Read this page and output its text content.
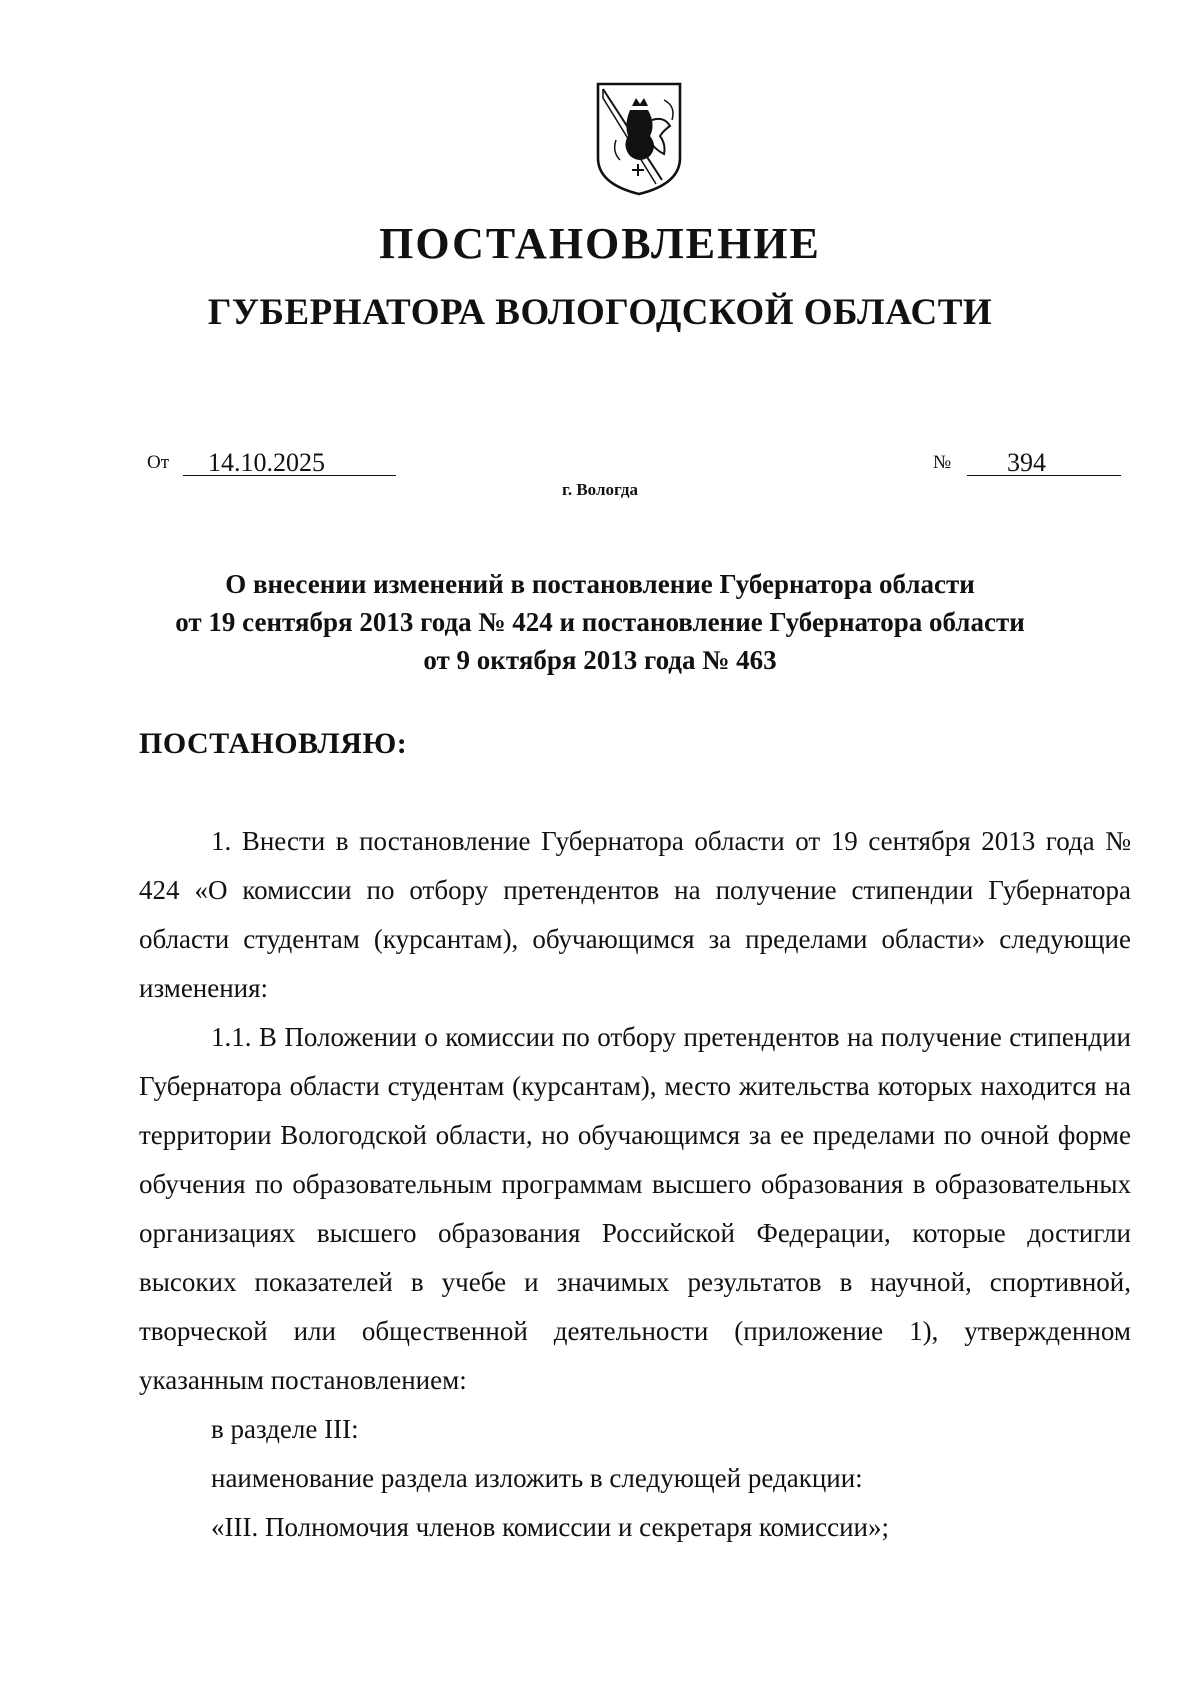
ПОСТАНОВЛЕНИЕ
ГУБЕРНАТОРА ВОЛОГОДСКОЙ ОБЛАСТИ
От 14.10.2025	№ 394
г. Вологда
О внесении изменений в постановление Губернатора области
от 19 сентября 2013 года № 424 и постановление Губернатора области
от 9 октября 2013 года № 463
ПОСТАНОВЛЯЮ:

1. Внести в постановление Губернатора области от 19 сентября 2013 года № 424 «О комиссии по отбору претендентов на получение стипендии Губернатора области студентам (курсантам), обучающимся за пределами области» следующие изменения:

1.1. В Положении о комиссии по отбору претендентов на получение стипендии Губернатора области студентам (курсантам), место жительства которых находится на территории Вологодской области, но обучающимся за ее пределами по очной форме обучения по образовательным программам высшего образования в образовательных организациях высшего образования Российской Федерации, которые достигли высоких показателей в учебе и значимых результатов в научной, спортивной, творческой или общественной деятельности (приложение 1), утвержденном указанным постановлением:

в разделе III:

наименование раздела изложить в следующей редакции:

«III. Полномочия членов комиссии и секретаря комиссии»;
